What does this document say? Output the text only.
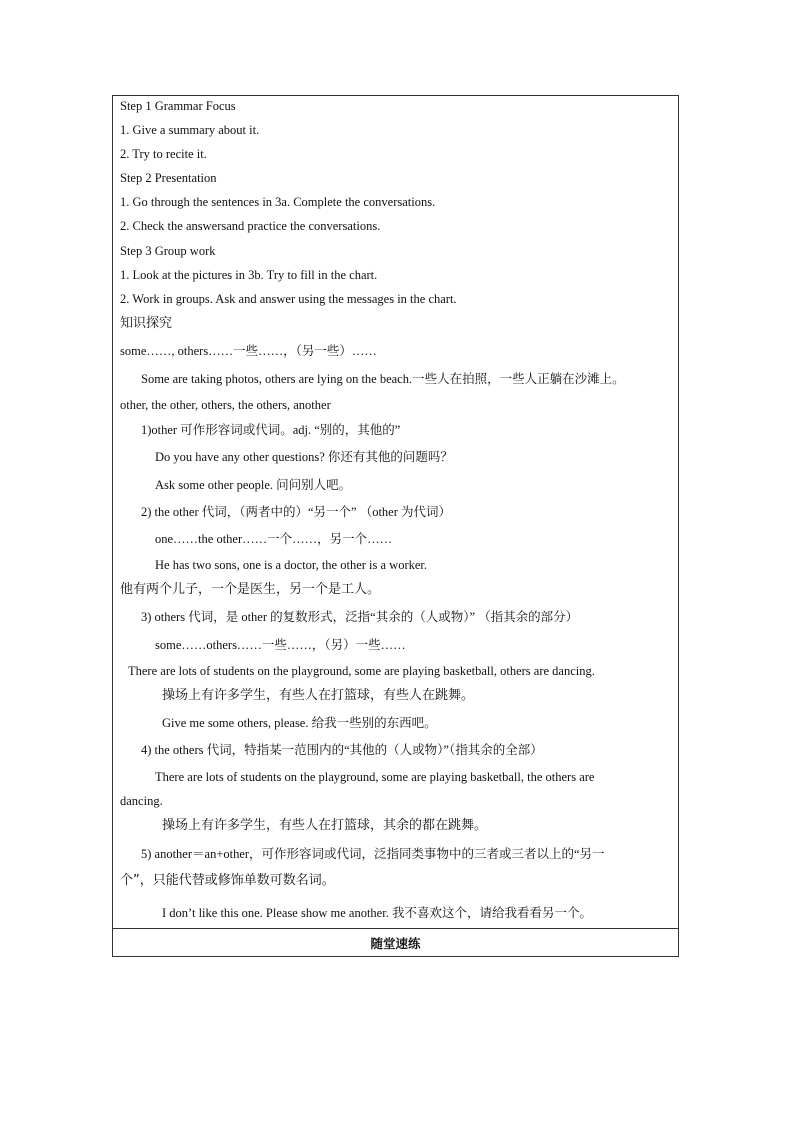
Step 1 Grammar Focus
1. Give a summary about it.
2. Try to recite it.
Step 2 Presentation
1. Go through the sentences in 3a. Complete the conversations.
2. Check the answersand practice the conversations.
Step 3 Group work
1. Look at the pictures in 3b. Try to fill in the chart.
2. Work in groups. Ask and answer using the messages in the chart.
知识探究
some……, others……一些……，（另一些）……
Some are taking photos, others are lying on the beach.一些人在拍照，一些人正躺在沙滩上。
other, the other, others, the others, another
1)other 可作形容词或代词。adj. “别的，其他的”
Do you have any other questions? 你还有其他的问题吗？
Ask some other people. 问问别人吧。
2) the other 代词，（两者中的）“另一个” （other 为代词）
one……the other……一个……，另一个……
He has two sons, one is a doctor, the other is a worker.
他有两个儿子，一个是医生，另一个是工人。
3) others 代词，是 other 的复数形式，泛指“其余的（人或物）” （指其余的部分）
some……others……一些……，（另）一些……
There are lots of students on the playground, some are playing basketball, others are dancing.
操场上有许多学生，有些人在打篮球，有些人在跳舞。
Give me some others, please. 给我一些别的东西吧。
4) the others 代词，特指某一范围内的“其他的（人或物）”（指其余的全部）
There are lots of students on the playground, some are playing basketball, the others are
dancing.
操场上有许多学生，有些人在打篮球，其余的都在跳舞。
5) another＝an+other，可作形容词或代词，泛指同类事物中的三者或三者以上的“另一
个”，只能代替或修饰单数可数名词。
I don’t like this one. Please show me another. 我不喜欢这个，请给我看看另一个。
随堂速练
